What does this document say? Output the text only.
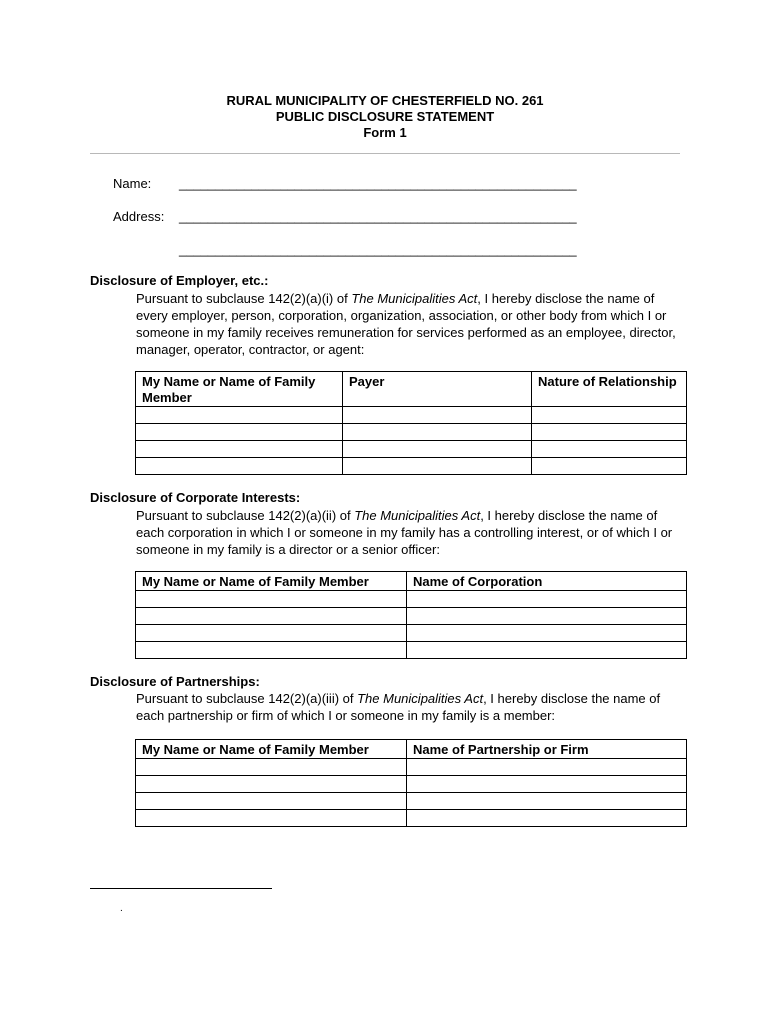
RURAL MUNICIPALITY OF CHESTERFIELD NO. 261
PUBLIC DISCLOSURE STATEMENT
Form 1
Name: _______________________________________________________
Address: _______________________________________________________
_______________________________________________________
Disclosure of Employer, etc.:
Pursuant to subclause 142(2)(a)(i) of The Municipalities Act, I hereby disclose the name of every employer, person, corporation, organization, association, or other body from which I or someone in my family receives remuneration for services performed as an employee, director, manager, operator, contractor, or agent:
My Name or Name of Family Member	Payer	Nature of Relationship

Disclosure of Corporate Interests:
Pursuant to subclause 142(2)(a)(ii) of The Municipalities Act, I hereby disclose the name of each corporation in which I or someone in my family has a controlling interest, or of which I or someone in my family is a director or a senior officer:
My Name or Name of Family Member	Name of Corporation

Disclosure of Partnerships:
Pursuant to subclause 142(2)(a)(iii) of The Municipalities Act, I hereby disclose the name of each partnership or firm of which I or someone in my family is a member:
My Name or Name of Family Member	Name of Partnership or Firm

.
